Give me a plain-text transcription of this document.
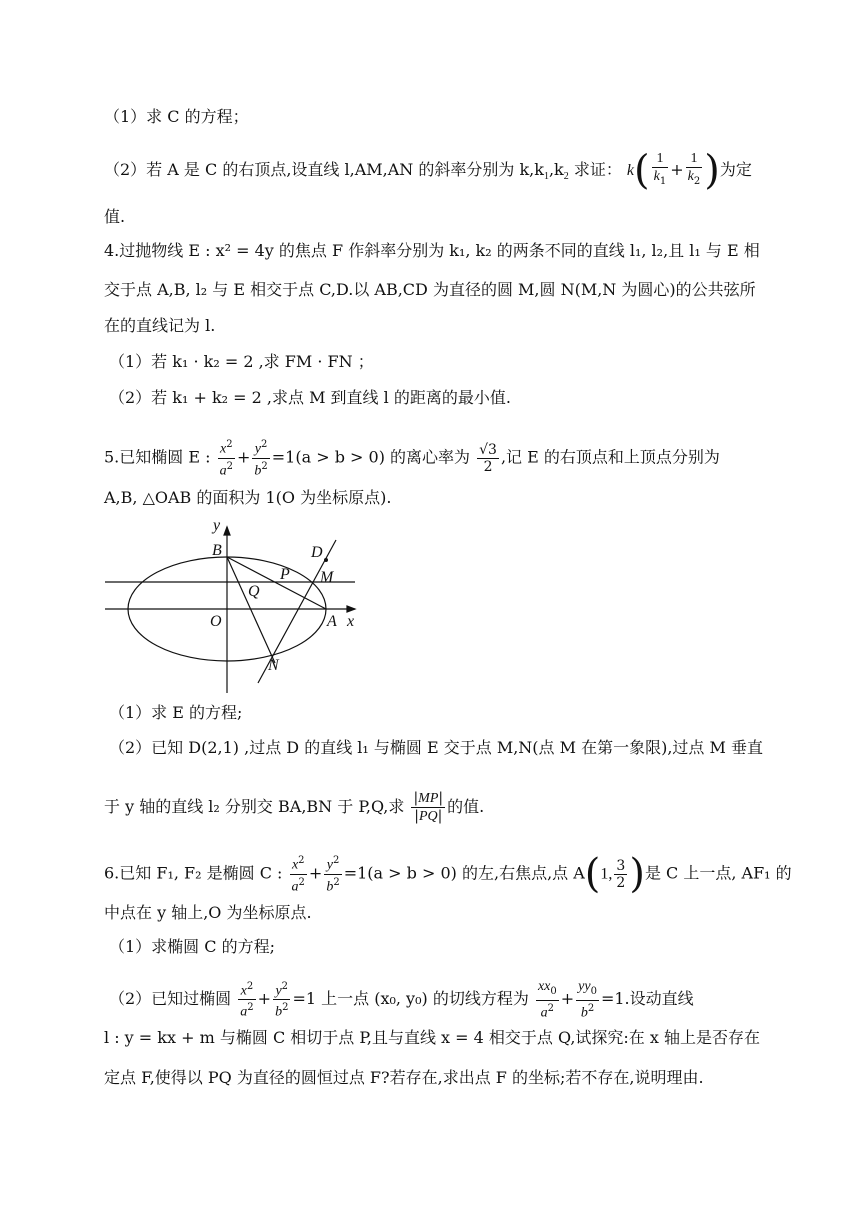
（1）求 C 的方程；
（2）若 A 是 C 的右顶点,设直线 l,AM,AN 的斜率分别为 $k,k_1,k_2$ 求证： $k( \frac{1}{k_1} + \frac{1}{k_2}$ )为定
值.
4.过抛物线 E : x² = 4y 的焦点 F 作斜率分别为 k₁, k₂ 的两条不同的直线 l₁, l₂,且 l₁ 与 E 相
交于点 A,B, l₂ 与 E 相交于点 C,D.以 AB,CD 为直径的圆 M,圆 N(M,N 为圆心)的公共弦所
在的直线记为 l.
（1）若 k₁ · k₂ = 2 ,求 FM · FN ；
（2）若 k₁ + k₂ = 2 ,求点 M 到直线 l 的距离的最小值.
5.已知椭圆 E : $\frac{x^2}{a^2} + \frac{y^2}{b^2} =1(a > b > 0)$ 的离心率为 $\frac{√3}{2}$ ,记 E 的右顶点和上顶点分别为
A,B, △OAB 的面积为 1(O 为坐标原点).
y
B	D
P M
Q
O	A x
N
（1）求 E 的方程;
（2）已知 D(2,1) ,过点 D 的直线 l₁ 与椭圆 E 交于点 M,N(点 M 在第一象限),过点 M 垂直
于 y 轴的直线 l₂ 分别交 BA,BN 于 P,Q,求 $\frac{|MP|}{|PQ|}$ 的值.
6.已知 F₁, F₂ 是椭圆 C : $\frac{x^2}{a^2} + \frac{y^2}{b^2} =1(a > b > 0)$ 的左,右焦点,点 A(1, $\frac{3}{2}$ )是 C 上一点, AF₁ 的
中点在 y 轴上,O 为坐标原点.
（1）求椭圆 C 的方程;
（2）已知过椭圆 $\frac{x^2}{a^2} + \frac{y^2}{b^2} =1$ 上一点 (x₀, y₀) 的切线方程为 $\frac{xx_0}{a^2} + \frac{yy_0}{b^2} =1$.设动直线
l : y = kx + m 与椭圆 C 相切于点 P,且与直线 x = 4 相交于点 Q,试探究:在 x 轴上是否存在
定点 F,使得以 PQ 为直径的圆恒过点 F?若存在,求出点 F 的坐标;若不存在,说明理由.
